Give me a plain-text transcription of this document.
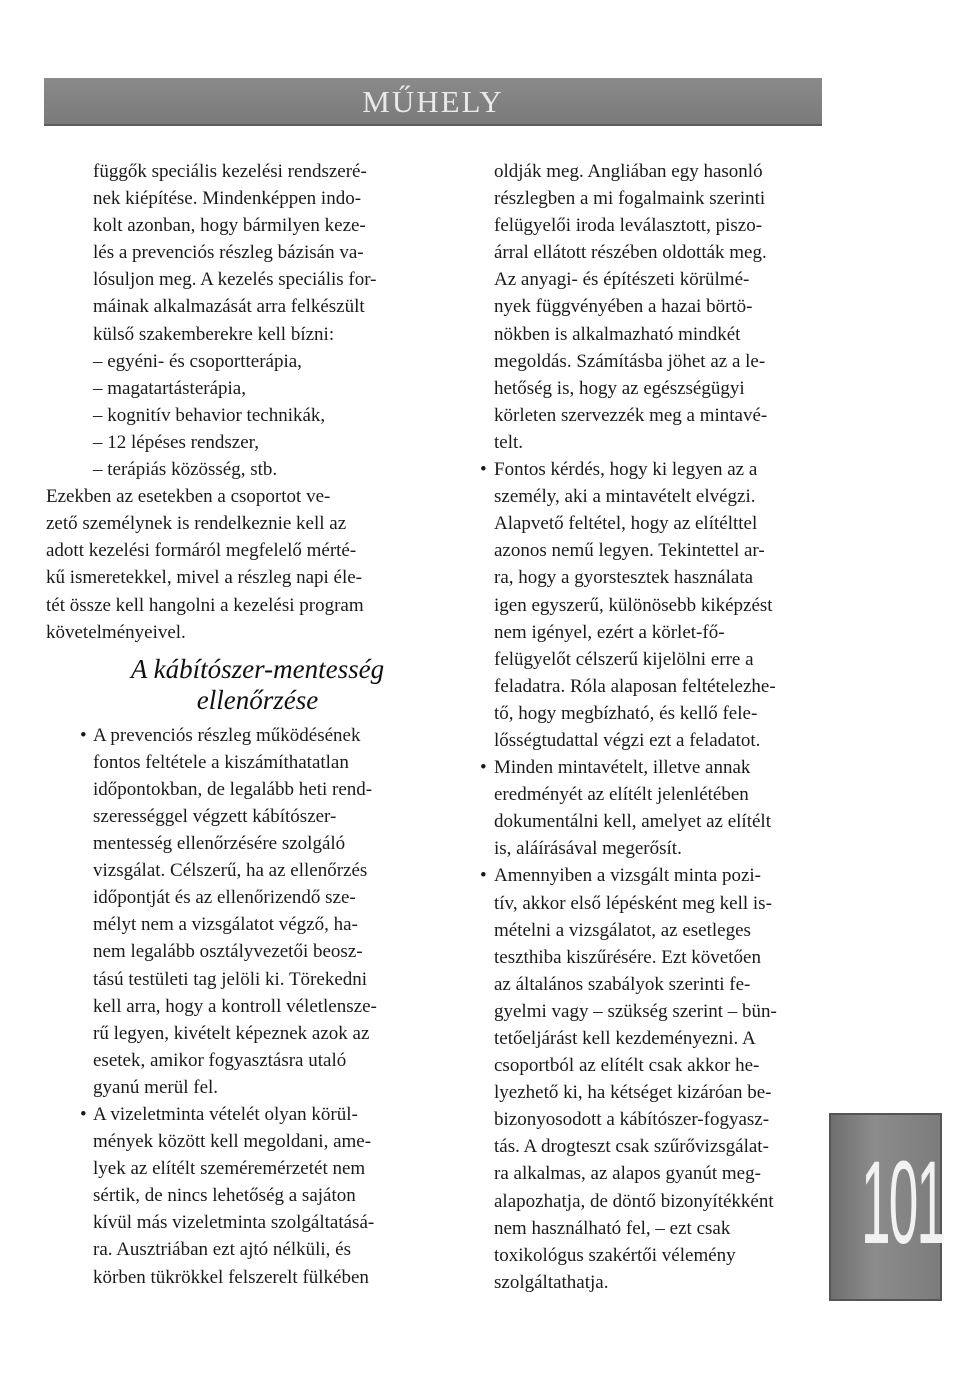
MŰHELY
függők speciális kezelési rendszeré-
nek kiépítése. Mindenképpen indo-
kolt azonban, hogy bármilyen keze-
lés a prevenciós részleg bázisán va-
lósuljon meg. A kezelés speciális for-
máinak alkalmazását arra felkészült
külső szakemberekre kell bízni:
– egyéni- és csoportterápia,
– magatartásterápia,
– kognitív behavior technikák,
– 12 lépéses rendszer,
– terápiás közösség, stb.
Ezekben az esetekben a csoportot ve-
zető személynek is rendelkeznie kell az
adott kezelési formáról megfelelő mérté-
kű ismeretekkel, mivel a részleg napi éle-
tét össze kell hangolni a kezelési program
követelményeivel.
A kábítószer-mentesség
ellenőrzése
• A prevenciós részleg működésének
fontos feltétele a kiszámíthatatlan
időpontokban, de legalább heti rend-
szerességgel végzett kábítószer-
mentesség ellenőrzésére szolgáló
vizsgálat. Célszerű, ha az ellenőrzés
időpontját és az ellenőrizendő sze-
mélyt nem a vizsgálatot végző, ha-
nem legalább osztályvezetői beosz-
tású testületi tag jelöli ki. Törekedni
kell arra, hogy a kontroll véletlensze-
rű legyen, kivételt képeznek azok az
esetek, amikor fogyasztásra utaló
gyanú merül fel.
• A vizeletminta vételét olyan körül-
mények között kell megoldani, ame-
lyek az elítélt szeméremérzetét nem
sértik, de nincs lehetőség a sajáton
kívül más vizeletminta szolgáltatásá-
ra. Ausztriában ezt ajtó nélküli, és
körben tükrökkel felszerelt fülkében
oldják meg. Angliában egy hasonló
részlegben a mi fogalmaink szerinti
felügyelői iroda leválasztott, piszo-
árral ellátott részében oldották meg.
Az anyagi- és építészeti körülmé-
nyek függvényében a hazai börtö-
nökben is alkalmazható mindkét
megoldás. Számításba jöhet az a le-
hetőség is, hogy az egészségügyi
körleten szervezzék meg a mintavé-
telt.
• Fontos kérdés, hogy ki legyen az a
személy, aki a mintavételt elvégzi.
Alapvető feltétel, hogy az elítélttel
azonos nemű legyen. Tekintettel ar-
ra, hogy a gyorstesztek használata
igen egyszerű, különösebb kiképzést
nem igényel, ezért a körlet-fő-
felügyelőt célszerű kijelölni erre a
feladatra. Róla alaposan feltételezhe-
tő, hogy megbízható, és kellő fele-
lősségtudattal végzi ezt a feladatot.
• Minden mintavételt, illetve annak
eredményét az elítélt jelenlétében
dokumentálni kell, amelyet az elítélt
is, aláírásával megerősít.
• Amennyiben a vizsgált minta pozi-
tív, akkor első lépésként meg kell is-
mételni a vizsgálatot, az esetleges
teszthiba kiszűrésére. Ezt követően
az általános szabályok szerinti fe-
gyelmi vagy – szükség szerint – bün-
tetőeljárást kell kezdeményezni. A
csoportból az elítélt csak akkor he-
lyezhető ki, ha kétséget kizáróan be-
bizonyosodott a kábítószer-fogyasz-
tás. A drogteszt csak szűrővizsgálat-
ra alkalmas, az alapos gyanút meg-
alapozhatja, de döntő bizonyítékként
nem használható fel, – ezt csak
toxikológus szakértői vélemény
szolgáltathatja.
101
